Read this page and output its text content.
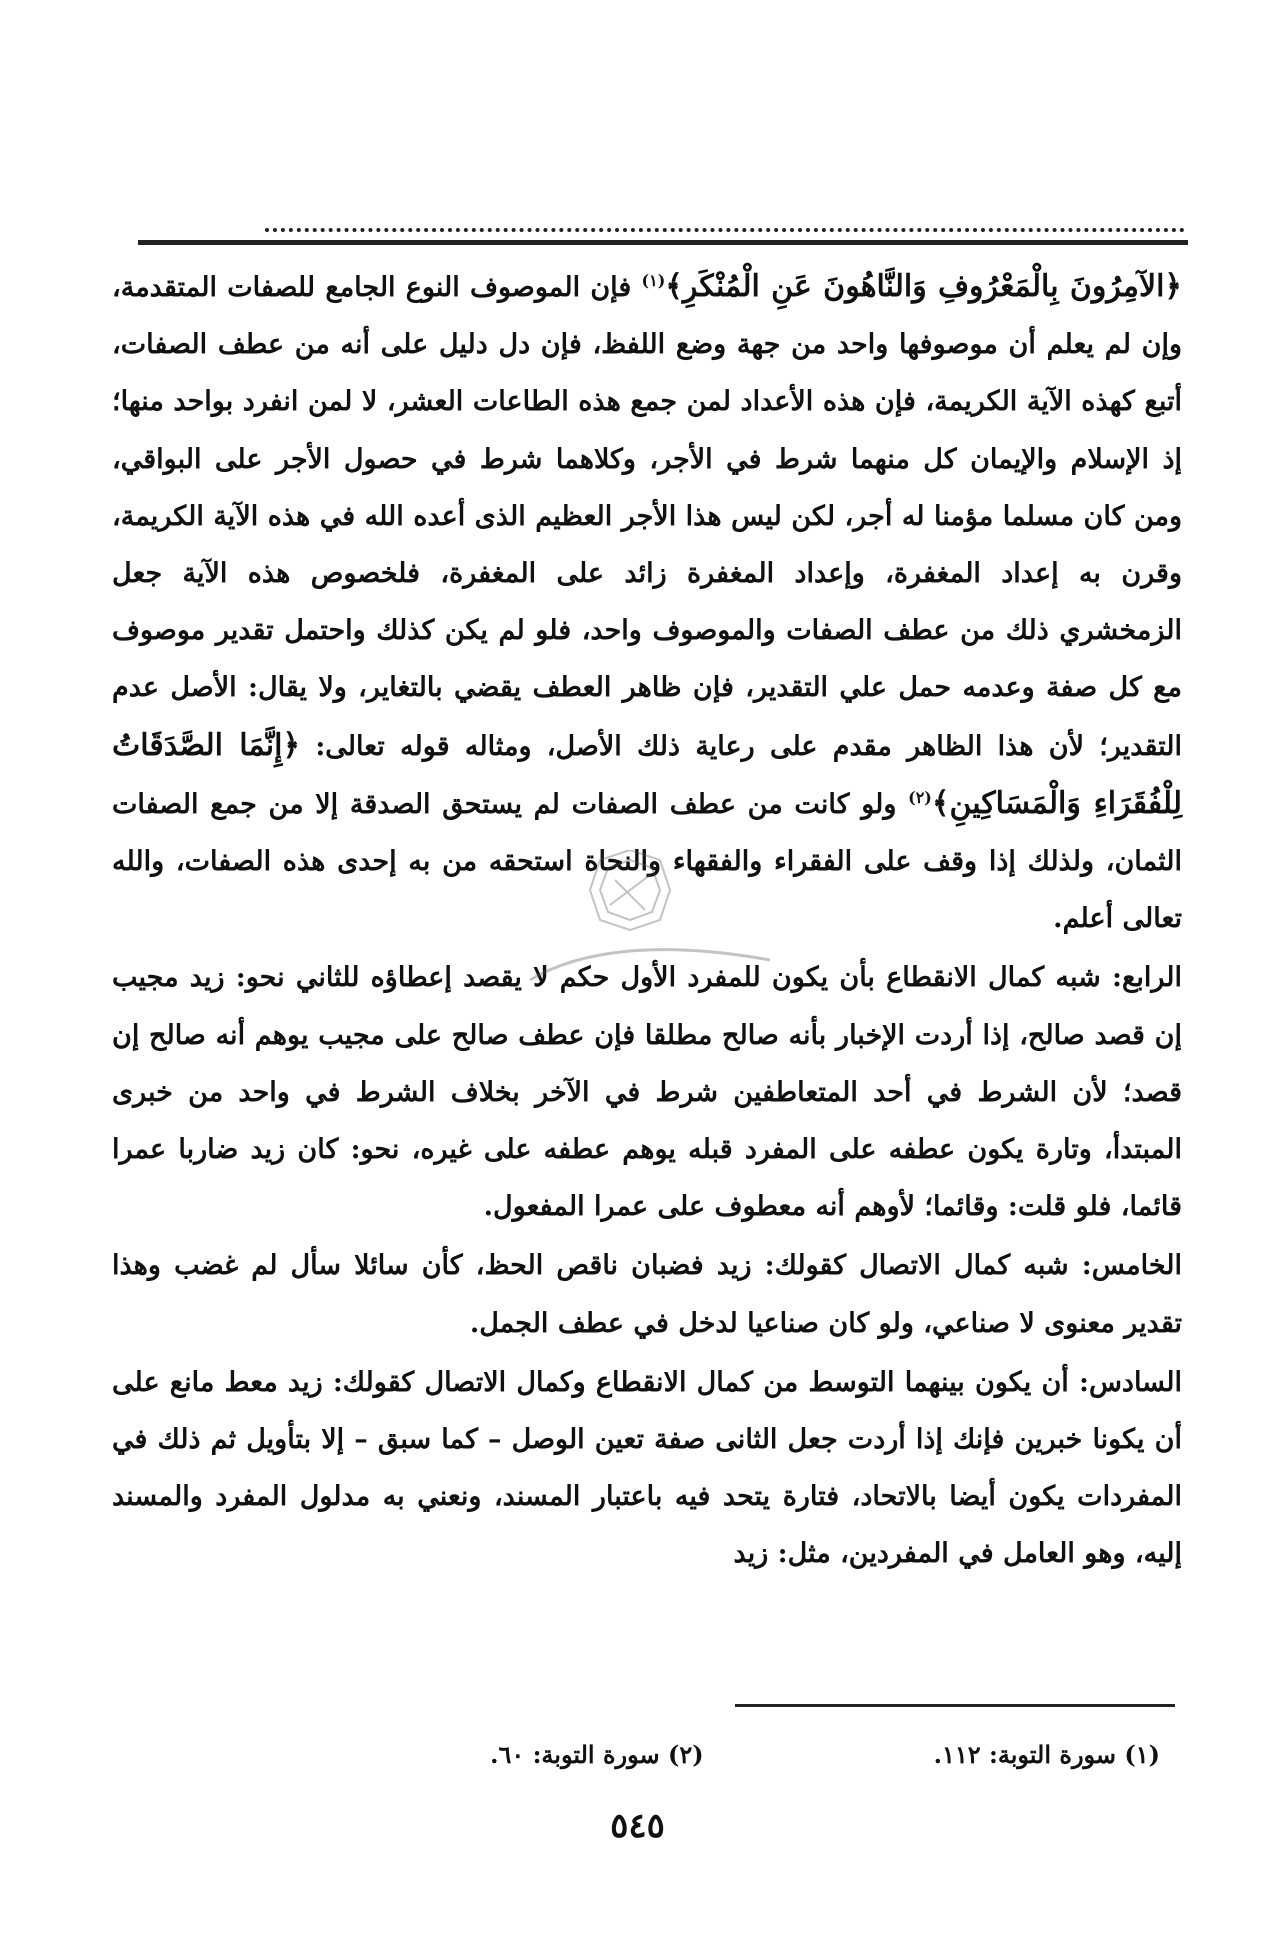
﴿الآمِرُونَ بِالْمَعْرُوفِ وَالنَّاهُونَ عَنِ الْمُنْكَرِ﴾$^{(١)}$ فإن الموصوف النوع الجامع للصفات المتقدمة، وإن لم يعلم أن موصوفها واحد من جهة وضع اللفظ، فإن دل دليل على أنه من عطف الصفات، أتبع كهذه الآية الكريمة، فإن هذه الأعداد لمن جمع هذه الطاعات العشر، لا لمن انفرد بواحد منها؛ إذ الإسلام والإيمان كل منهما شرط في الأجر، وكلاهما شرط في حصول الأجر على البواقي، ومن كان مسلما مؤمنا له أجر، لكن ليس هذا الأجر العظيم الذى أعده الله في هذه الآية الكريمة، وقرن به إعداد المغفرة، وإعداد المغفرة زائد على المغفرة، فلخصوص هذه الآية جعل الزمخشري ذلك من عطف الصفات والموصوف واحد، فلو لم يكن كذلك واحتمل تقدير موصوف مع كل صفة وعدمه حمل علي التقدير، فإن ظاهر العطف يقضي بالتغاير، ولا يقال: الأصل عدم التقدير؛ لأن هذا الظاهر مقدم على رعاية ذلك الأصل، ومثاله قوله تعالى: ﴿إِنَّمَا الصَّدَقَاتُ لِلْفُقَرَاءِ وَالْمَسَاكِينِ﴾$^{(٢)}$ ولو كانت من عطف الصفات لم يستحق الصدقة إلا من جمع الصفات الثمان، ولذلك إذا وقف على الفقراء والفقهاء والنحاة استحقه من به إحدى هذه الصفات، والله تعالى أعلم.

الرابع: شبه كمال الانقطاع بأن يكون للمفرد الأول حكم لا يقصد إعطاؤه للثاني نحو: زيد مجيب إن قصد صالح، إذا أردت الإخبار بأنه صالح مطلقا فإن عطف صالح على مجيب يوهم أنه صالح إن قصد؛ لأن الشرط في أحد المتعاطفين شرط في الآخر بخلاف الشرط في واحد من خبرى المبتدأ، وتارة يكون عطفه على المفرد قبله يوهم عطفه على غيره، نحو: كان زيد ضاربا عمرا قائما، فلو قلت: وقائما؛ لأوهم أنه معطوف على عمرا المفعول.

الخامس: شبه كمال الاتصال كقولك: زيد فضبان ناقص الحظ، كأن سائلا سأل لم غضب وهذا تقدير معنوى لا صناعي، ولو كان صناعيا لدخل في عطف الجمل.

السادس: أن يكون بينهما التوسط من كمال الانقطاع وكمال الاتصال كقولك: زيد معط مانع على أن يكونا خبرين فإنك إذا أردت جعل الثانى صفة تعين الوصل – كما سبق – إلا بتأويل ثم ذلك في المفردات يكون أيضا بالاتحاد، فتارة يتحد فيه باعتبار المسند، ونعني به مدلول المفرد والمسند إليه، وهو العامل في المفردين، مثل: زيد

(١) سورة التوبة: ١١٢.
(٢) سورة التوبة: ٦٠.
٥٤٥
